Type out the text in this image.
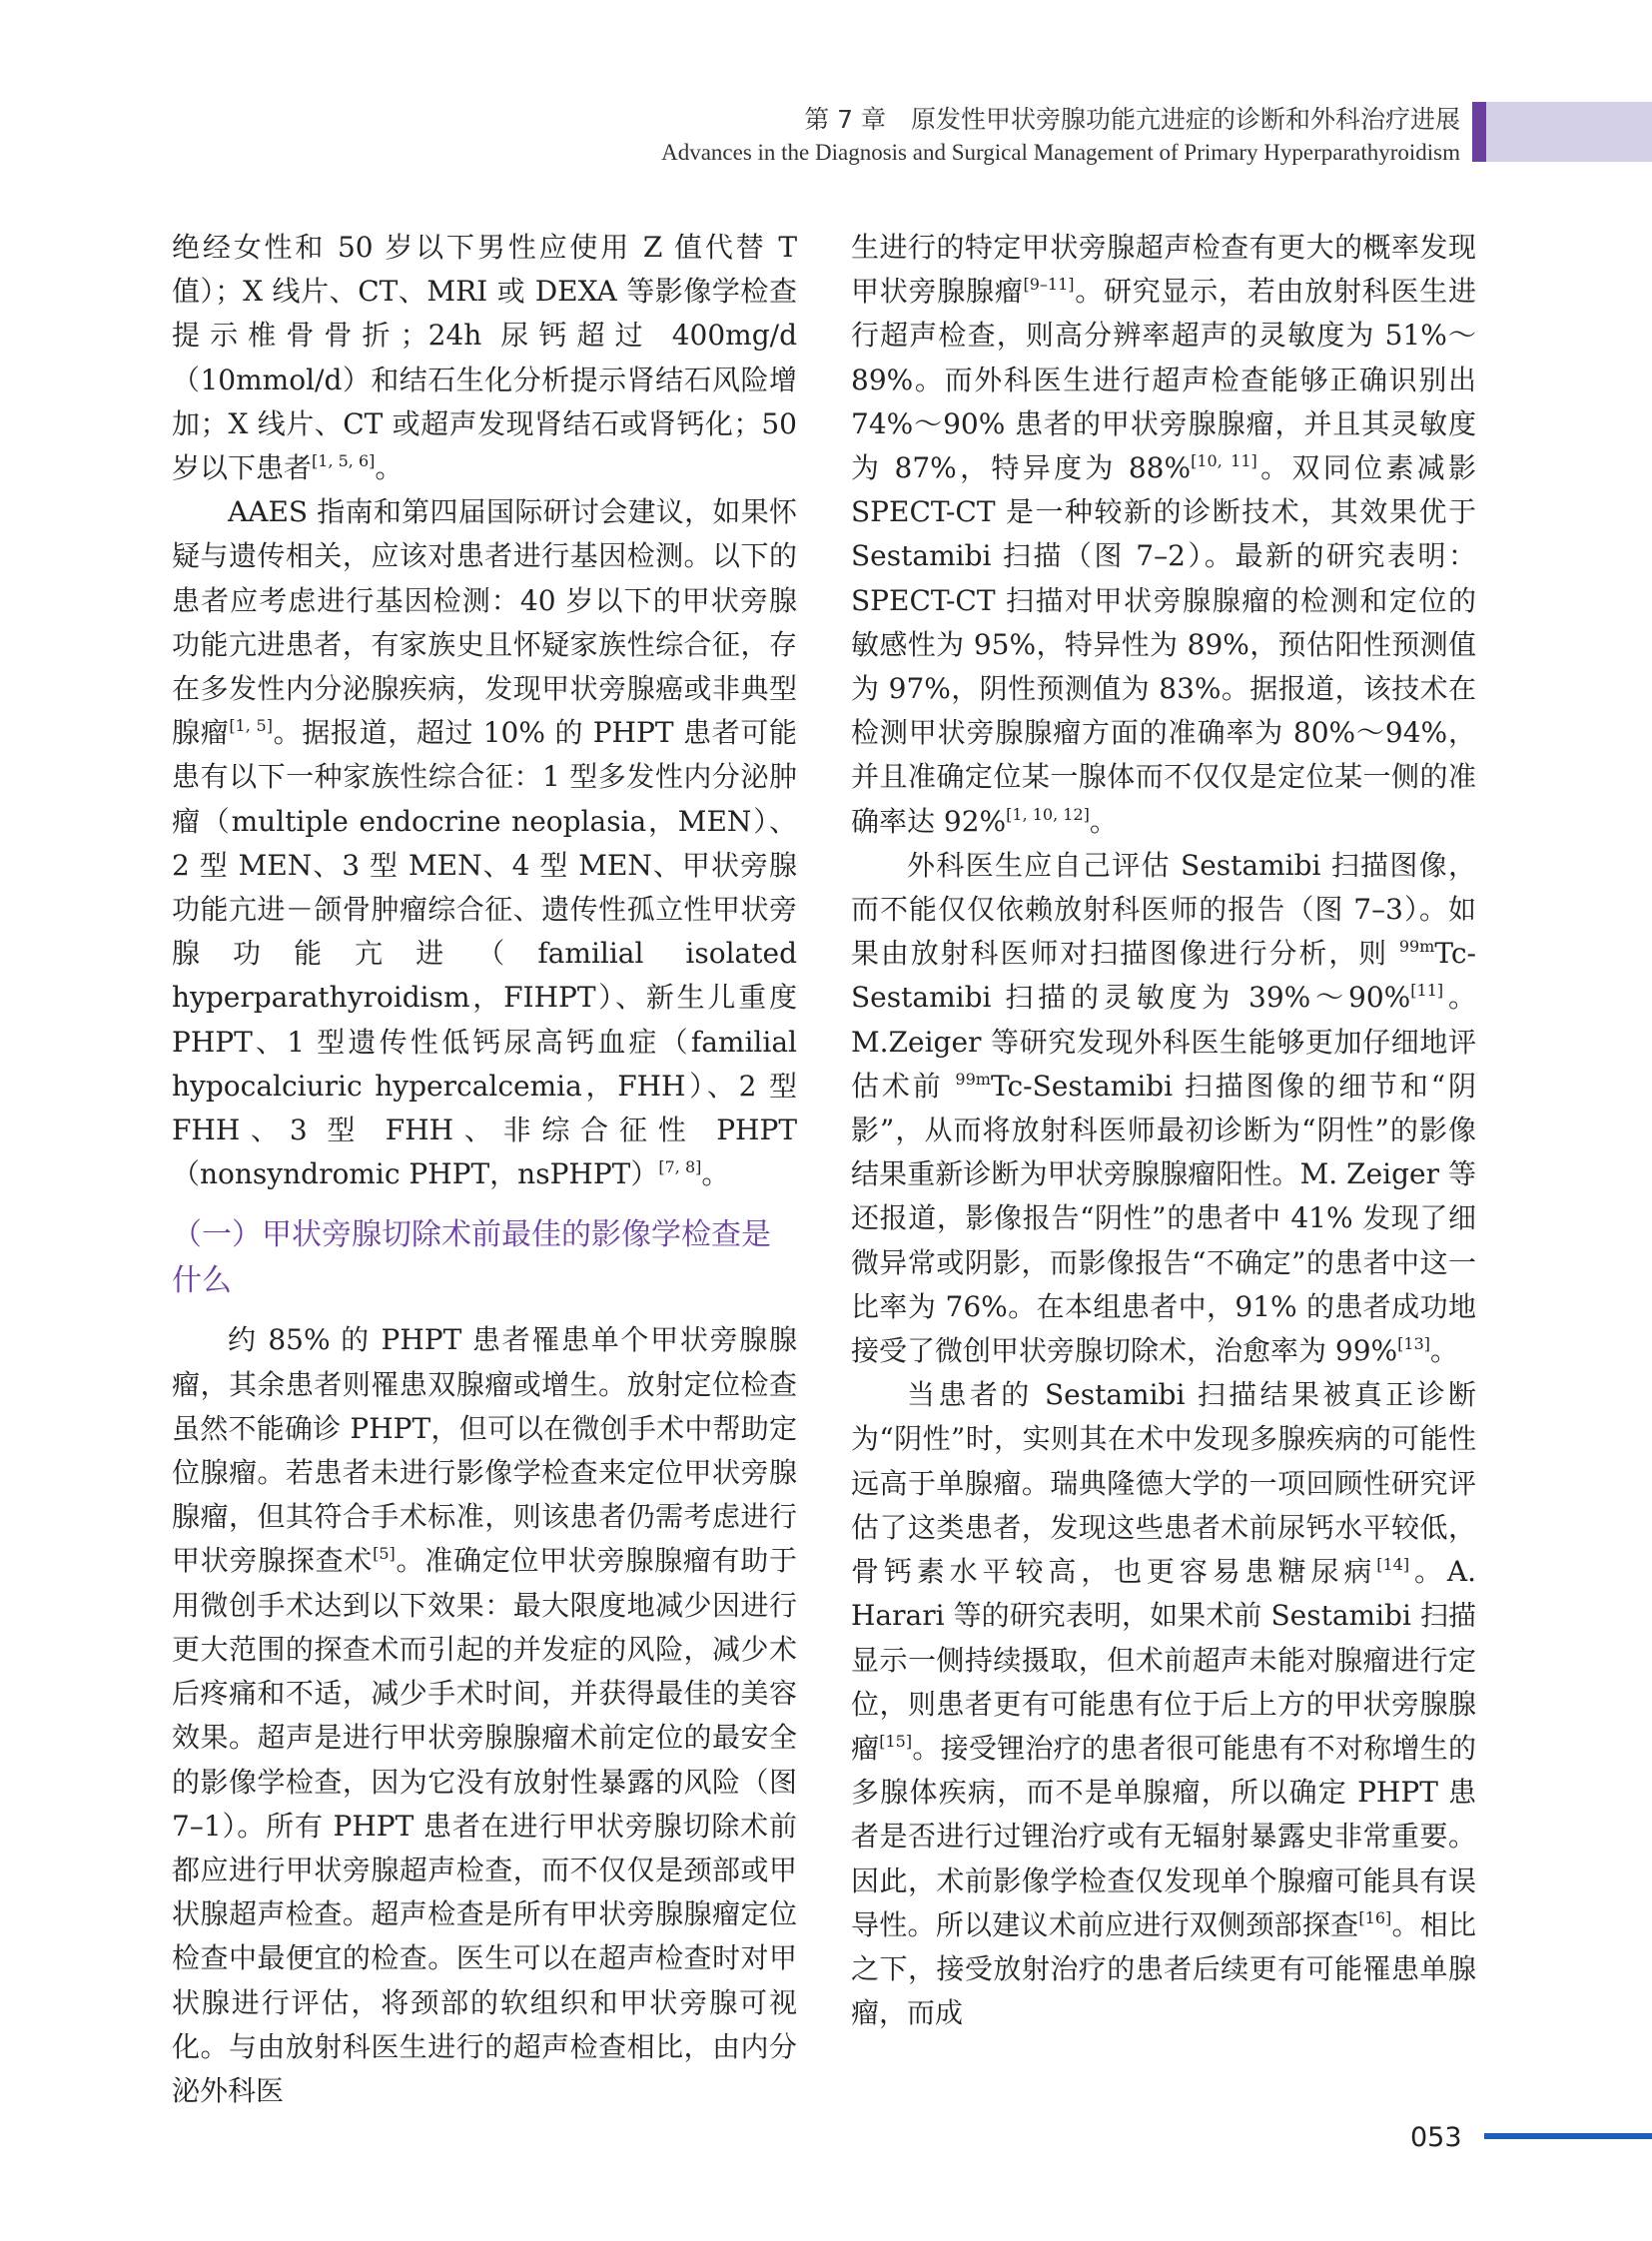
第 7 章　原发性甲状旁腺功能亢进症的诊断和外科治疗进展
Advances in the Diagnosis and Surgical Management of Primary Hyperparathyroidism

绝经女性和 50 岁以下男性应使用 Z 值代替 T 值）；X 线片、CT、MRI 或 DEXA 等影像学检查提示椎骨骨折；24h 尿钙超过 400mg/d（10mmol/d）和结石生化分析提示肾结石风险增加；X 线片、CT 或超声发现肾结石或肾钙化；50 岁以下患者[1, 5, 6]。

AAES 指南和第四届国际研讨会建议，如果怀疑与遗传相关，应该对患者进行基因检测。以下的患者应考虑进行基因检测：40 岁以下的甲状旁腺功能亢进患者，有家族史且怀疑家族性综合征，存在多发性内分泌腺疾病，发现甲状旁腺癌或非典型腺瘤[1, 5]。据报道，超过 10% 的 PHPT 患者可能患有以下一种家族性综合征：1 型多发性内分泌肿瘤（multiple endocrine neoplasia，MEN）、2 型 MEN、3 型 MEN、4 型 MEN、甲状旁腺功能亢进－颌骨肿瘤综合征、遗传性孤立性甲状旁腺功能亢进（familial isolated hyperparathyroidism，FIHPT）、新生儿重度 PHPT、1 型遗传性低钙尿高钙血症（familial hypocalciuric hypercalcemia，FHH）、2 型 FHH、3 型 FHH、非综合征性 PHPT（nonsyndromic PHPT，nsPHPT）[7, 8]。

（一）甲状旁腺切除术前最佳的影像学检查是什么

约 85% 的 PHPT 患者罹患单个甲状旁腺腺瘤，其余患者则罹患双腺瘤或增生。放射定位检查虽然不能确诊 PHPT，但可以在微创手术中帮助定位腺瘤。若患者未进行影像学检查来定位甲状旁腺腺瘤，但其符合手术标准，则该患者仍需考虑进行甲状旁腺探查术[5]。准确定位甲状旁腺腺瘤有助于用微创手术达到以下效果：最大限度地减少因进行更大范围的探查术而引起的并发症的风险，减少术后疼痛和不适，减少手术时间，并获得最佳的美容效果。超声是进行甲状旁腺腺瘤术前定位的最安全的影像学检查，因为它没有放射性暴露的风险（图 7–1）。所有 PHPT 患者在进行甲状旁腺切除术前都应进行甲状旁腺超声检查，而不仅仅是颈部或甲状腺超声检查。超声检查是所有甲状旁腺腺瘤定位检查中最便宜的检查。医生可以在超声检查时对甲状腺进行评估，将颈部的软组织和甲状旁腺可视化。与由放射科医生进行的超声检查相比，由内分泌外科医

生进行的特定甲状旁腺超声检查有更大的概率发现甲状旁腺腺瘤[9–11]。研究显示，若由放射科医生进行超声检查，则高分辨率超声的灵敏度为 51%～89%。而外科医生进行超声检查能够正确识别出 74%～90% 患者的甲状旁腺腺瘤，并且其灵敏度为 87%，特异度为 88%[10, 11]。双同位素减影 SPECT-CT 是一种较新的诊断技术，其效果优于 Sestamibi 扫描（图 7–2）。最新的研究表明：SPECT-CT 扫描对甲状旁腺腺瘤的检测和定位的敏感性为 95%，特异性为 89%，预估阳性预测值为 97%，阴性预测值为 83%。据报道，该技术在检测甲状旁腺腺瘤方面的准确率为 80%～94%，并且准确定位某一腺体而不仅仅是定位某一侧的准确率达 92%[1, 10, 12]。

外科医生应自己评估 Sestamibi 扫描图像，而不能仅仅依赖放射科医师的报告（图 7–3）。如果由放射科医师对扫描图像进行分析，则 $^{99m}$Tc-Sestamibi 扫描的灵敏度为 39%～90%[11]。M.Zeiger 等研究发现外科医生能够更加仔细地评估术前 $^{99m}$Tc-Sestamibi 扫描图像的细节和“阴影”，从而将放射科医师最初诊断为“阴性”的影像结果重新诊断为甲状旁腺腺瘤阳性。M. Zeiger 等还报道，影像报告“阴性”的患者中 41% 发现了细微异常或阴影，而影像报告“不确定”的患者中这一比率为 76%。在本组患者中，91% 的患者成功地接受了微创甲状旁腺切除术，治愈率为 99%[13]。

当患者的 Sestamibi 扫描结果被真正诊断为“阴性”时，实则其在术中发现多腺疾病的可能性远高于单腺瘤。瑞典隆德大学的一项回顾性研究评估了这类患者，发现这些患者术前尿钙水平较低，骨钙素水平较高，也更容易患糖尿病[14]。A. Harari 等的研究表明，如果术前 Sestamibi 扫描显示一侧持续摄取，但术前超声未能对腺瘤进行定位，则患者更有可能患有位于后上方的甲状旁腺腺瘤[15]。接受锂治疗的患者很可能患有不对称增生的多腺体疾病，而不是单腺瘤，所以确定 PHPT 患者是否进行过锂治疗或有无辐射暴露史非常重要。因此，术前影像学检查仅发现单个腺瘤可能具有误导性。所以建议术前应进行双侧颈部探查[16]。相比之下，接受放射治疗的患者后续更有可能罹患单腺瘤，而成

053
